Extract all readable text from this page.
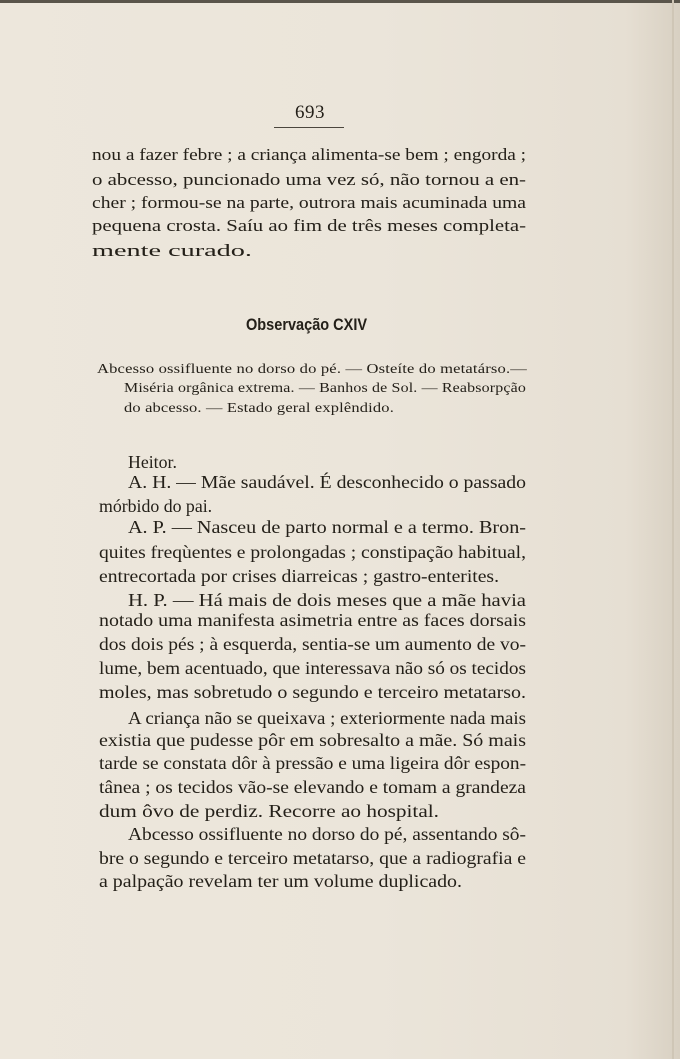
693
nou a fazer febre ; a criança alimenta-se bem ; engorda ;
o abcesso, puncionado uma vez só, não tornou a en-
cher ; formou-se na parte, outrora mais acuminada uma
pequena crosta. Saíu ao fim de três meses completa-
mente curado.
Observação CXIV
Abcesso ossifluente no dorso do pé. — Osteíte do metatárso.—
Miséria orgânica extrema. — Banhos de Sol. — Reabsorpção
do abcesso. — Estado geral explêndido.
Heitor.
A. H. — Mãe saudável. É desconhecido o passado
mórbido do pai.
A. P. — Nasceu de parto normal e a termo. Bron-
quites freqùentes e prolongadas ; constipação habitual,
entrecortada por crises diarreicas ; gastro-enterites.
H. P. — Há mais de dois meses que a mãe havia
notado uma manifesta asimetria entre as faces dorsais
dos dois pés ; à esquerda, sentia-se um aumento de vo-
lume, bem acentuado, que interessava não só os tecidos
moles, mas sobretudo o segundo e terceiro metatarso.
A criança não se queixava ; exteriormente nada mais
existia que pudesse pôr em sobresalto a mãe. Só mais
tarde se constata dôr à pressão e uma ligeira dôr espon-
tânea ; os tecidos vão-se elevando e tomam a grandeza
dum ôvo de perdiz. Recorre ao hospital.
Abcesso ossifluente no dorso do pé, assentando sô-
bre o segundo e terceiro metatarso, que a radiografia e
a palpação revelam ter um volume duplicado.
